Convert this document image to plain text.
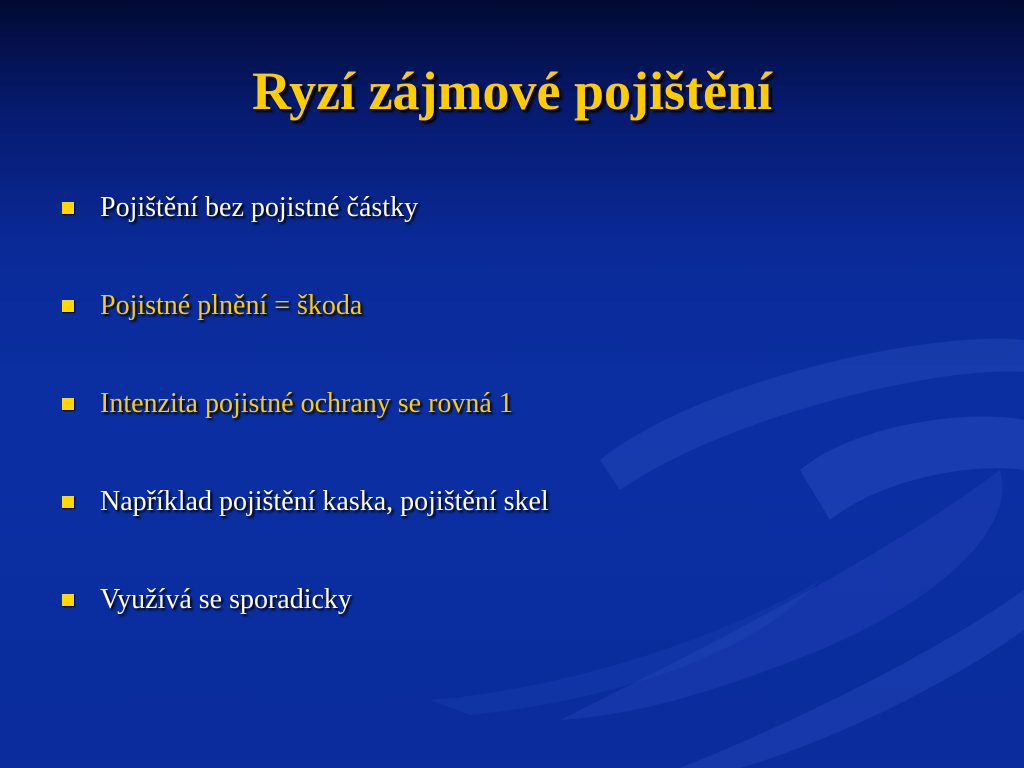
Ryzí zájmové pojištění
Pojištění bez pojistné částky
Pojistné plnění = škoda
Intenzita pojistné ochrany se rovná 1
Například pojištění kaska, pojištění skel
Využívá se sporadicky
